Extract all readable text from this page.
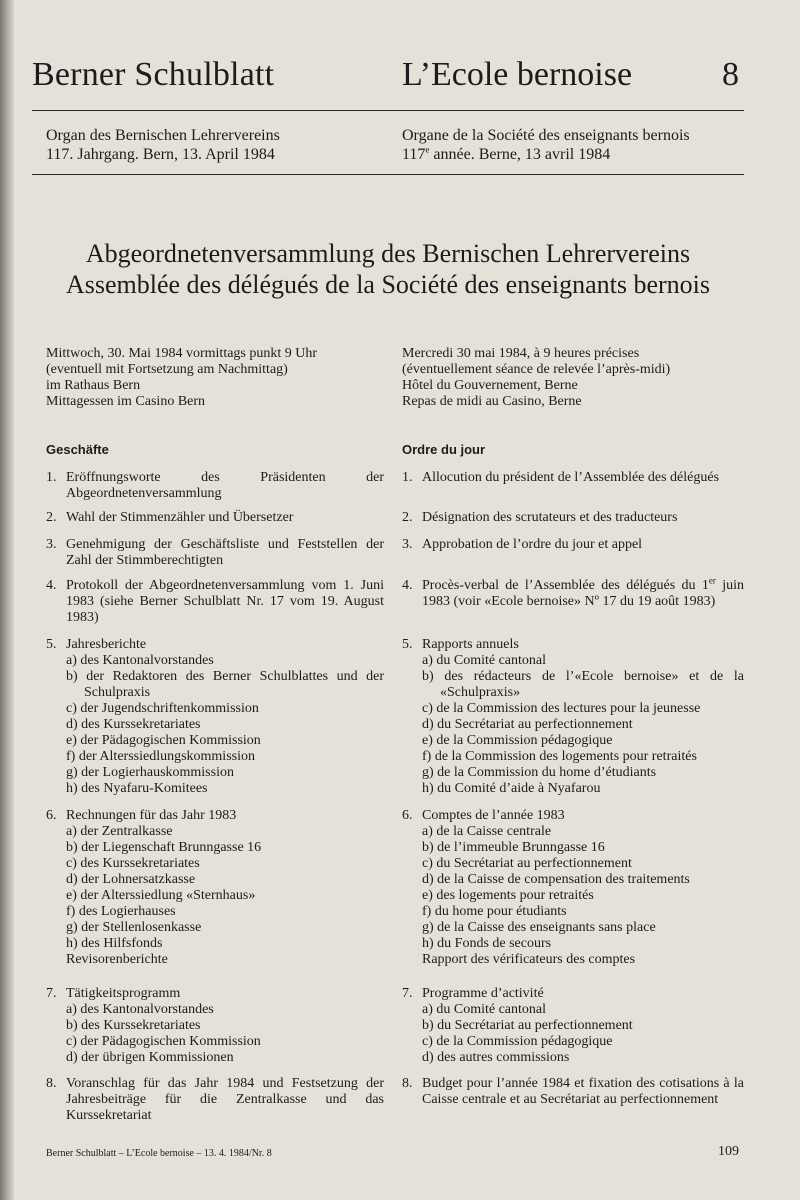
Berner Schulblatt	L’Ecole bernoise	8
Organ des Bernischen Lehrervereins
117. Jahrgang. Bern, 13. April 1984
Organe de la Société des enseignants bernois
117e année. Berne, 13 avril 1984
Abgeordnetenversammlung des Bernischen Lehrervereins
Assemblée des délégués de la Société des enseignants bernois
Mittwoch, 30. Mai 1984 vormittags punkt 9 Uhr
(eventuell mit Fortsetzung am Nachmittag)
im Rathaus Bern
Mittagessen im Casino Bern
Mercredi 30 mai 1984, à 9 heures précises
(éventuellement séance de relevée l’après-midi)
Hôtel du Gouvernement, Berne
Repas de midi au Casino, Berne
Geschäfte	Ordre du jour
1. Eröffnungsworte des Präsidenten der Abgeordnetenversammlung
2. Wahl der Stimmenzähler und Übersetzer
3. Genehmigung der Geschäftsliste und Feststellen der Zahl der Stimmberechtigten
4. Protokoll der Abgeordnetenversammlung vom 1. Juni 1983 (siehe Berner Schulblatt Nr. 17 vom 19. August 1983)
5. Jahresberichte
a) des Kantonalvorstandes
b) der Redaktoren des Berner Schulblattes und der Schulpraxis
c) der Jugendschriftenkommission
d) des Kurssekretariates
e) der Pädagogischen Kommission
f) der Alterssiedlungskommission
g) der Logierhauskommission
h) des Nyafaru-Komitees
6. Rechnungen für das Jahr 1983
a) der Zentralkasse
b) der Liegenschaft Brunngasse 16
c) des Kurssekretariates
d) der Lohnersatzkasse
e) der Alterssiedlung «Sternhaus»
f) des Logierhauses
g) der Stellenlosenkasse
h) des Hilfsfonds
Revisorenberichte
7. Tätigkeitsprogramm
a) des Kantonalvorstandes
b) des Kurssekretariates
c) der Pädagogischen Kommission
d) der übrigen Kommissionen
8. Voranschlag für das Jahr 1984 und Festsetzung der Jahresbeiträge für die Zentralkasse und das Kurssekretariat
1. Allocution du président de l’Assemblée des délégués
2. Désignation des scrutateurs et des traducteurs
3. Approbation de l’ordre du jour et appel
4. Procès-verbal de l’Assemblée des délégués du 1er juin 1983 (voir «Ecole bernoise» Nº 17 du 19 août 1983)
5. Rapports annuels
a) du Comité cantonal
b) des rédacteurs de l’«Ecole bernoise» et de la «Schulpraxis»
c) de la Commission des lectures pour la jeunesse
d) du Secrétariat au perfectionnement
e) de la Commission pédagogique
f) de la Commission des logements pour retraités
g) de la Commission du home d’étudiants
h) du Comité d’aide à Nyafarou
6. Comptes de l’année 1983
a) de la Caisse centrale
b) de l’immeuble Brunngasse 16
c) du Secrétariat au perfectionnement
d) de la Caisse de compensation des traitements
e) des logements pour retraités
f) du home pour étudiants
g) de la Caisse des enseignants sans place
h) du Fonds de secours
Rapport des vérificateurs des comptes
7. Programme d’activité
a) du Comité cantonal
b) du Secrétariat au perfectionnement
c) de la Commission pédagogique
d) des autres commissions
8. Budget pour l’année 1984 et fixation des cotisations à la Caisse centrale et au Secrétariat au perfectionnement
Berner Schulblatt – L’Ecole bernoise – 13. 4. 1984/Nr. 8	109
